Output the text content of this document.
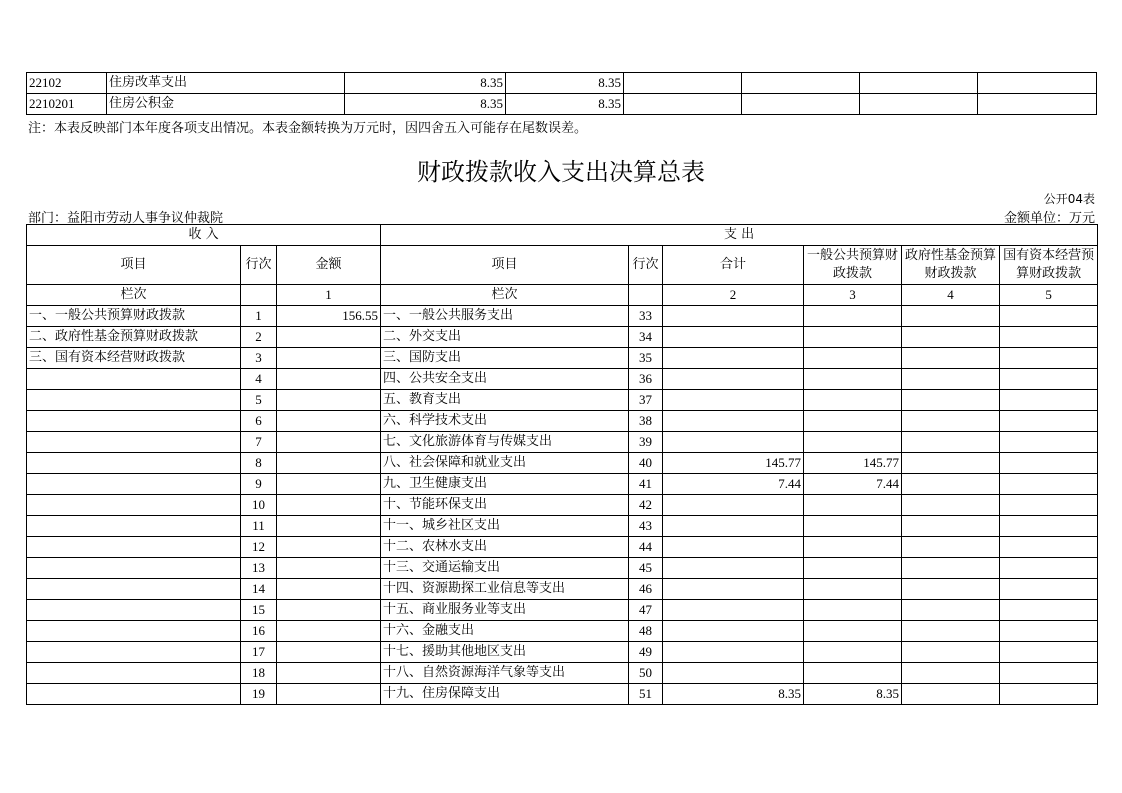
22102	住房改革支出	8.35	8.35				
2210201	住房公积金	8.35	8.35				
注：本表反映部门本年度各项支出情况。本表金额转换为万元时，因四舍五入可能存在尾数误差。
财政拨款收入支出决算总表
公开04表
部门：益阳市劳动人事争议仲裁院	金额单位：万元
收 入			支 出					
项目	行次	金额	项目	行次	合计	一般公共预算财政拨款	政府性基金预算财政拨款	国有资本经营预算财政拨款
栏次		1	栏次		2	3	4	5
一、一般公共预算财政拨款	1	156.55	一、一般公共服务支出	33				
二、政府性基金预算财政拨款	2		二、外交支出	34				
三、国有资本经营财政拨款	3		三、国防支出	35				
	4		四、公共安全支出	36				
	5		五、教育支出	37				
	6		六、科学技术支出	38				
	7		七、文化旅游体育与传媒支出	39				
	8		八、社会保障和就业支出	40	145.77	145.77		
	9		九、卫生健康支出	41	7.44	7.44		
	10		十、节能环保支出	42				
	11		十一、城乡社区支出	43				
	12		十二、农林水支出	44				
	13		十三、交通运输支出	45				
	14		十四、资源勘探工业信息等支出	46				
	15		十五、商业服务业等支出	47				
	16		十六、金融支出	48				
	17		十七、援助其他地区支出	49				
	18		十八、自然资源海洋气象等支出	50				
	19		十九、住房保障支出	51	8.35	8.35		
